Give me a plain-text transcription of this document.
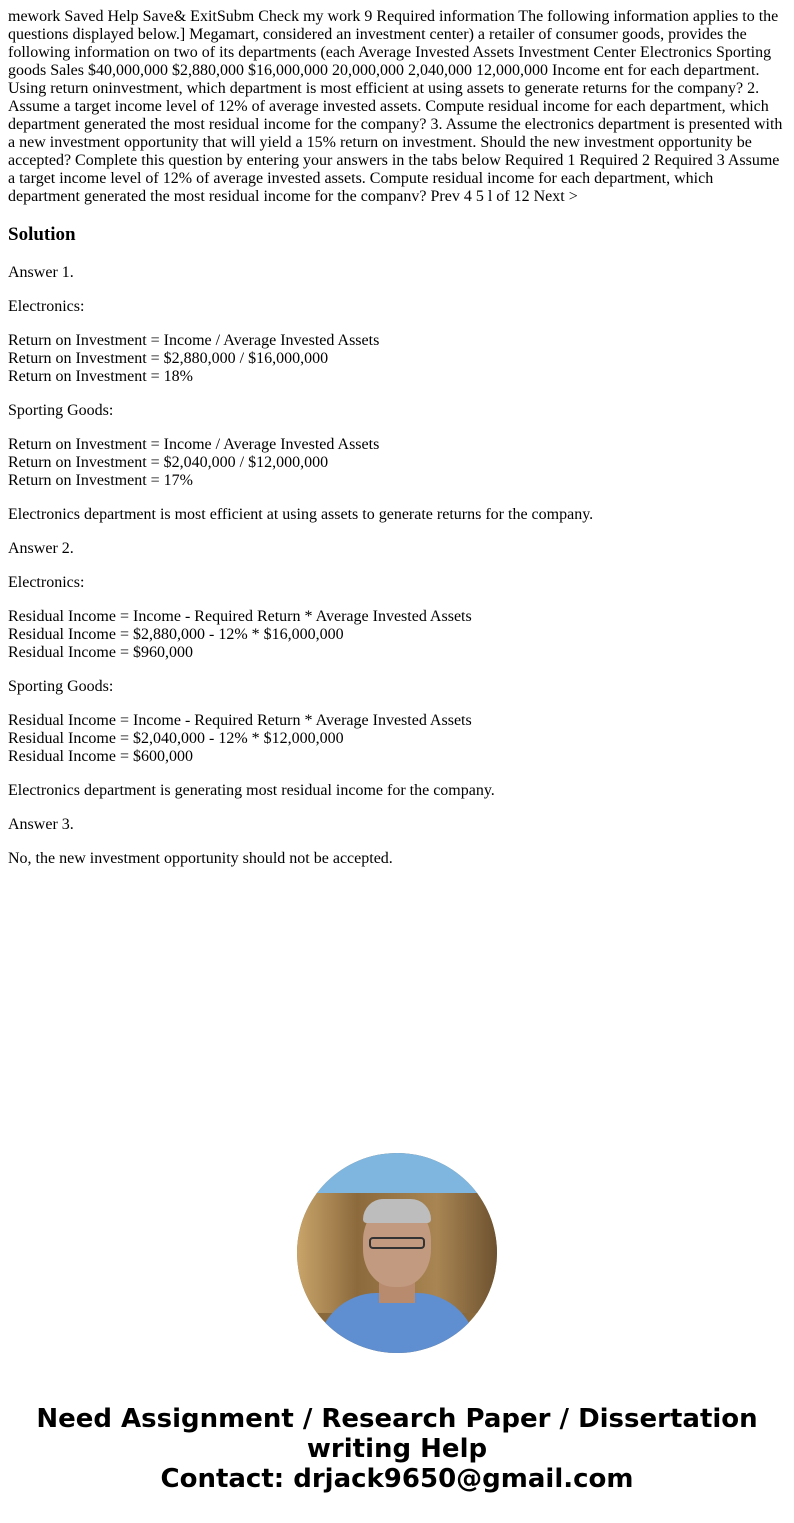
mework Saved Help Save& ExitSubm Check my work 9 Required information The following information applies to the questions displayed below.] Megamart, considered an investment center) a retailer of consumer goods, provides the following information on two of its departments (each Average Invested Assets Investment Center Electronics Sporting goods Sales $40,000,000 $2,880,000 $16,000,000 20,000,000 2,040,000 12,000,000 Income ent for each department. Using return oninvestment, which department is most efficient at using assets to generate returns for the company? 2. Assume a target income level of 12% of average invested assets. Compute residual income for each department, which department generated the most residual income for the company? 3. Assume the electronics department is presented with a new investment opportunity that will yield a 15% return on investment. Should the new investment opportunity be accepted? Complete this question by entering your answers in the tabs below Required 1 Required 2 Required 3 Assume a target income level of 12% of average invested assets. Compute residual income for each department, which department generated the most residual income for the companv? Prev 4 5 l of 12 Next >

Solution

Answer 1.

Electronics:

Return on Investment = Income / Average Invested Assets
Return on Investment = $2,880,000 / $16,000,000
Return on Investment = 18%

Sporting Goods:

Return on Investment = Income / Average Invested Assets
Return on Investment = $2,040,000 / $12,000,000
Return on Investment = 17%

Electronics department is most efficient at using assets to generate returns for the company.

Answer 2.

Electronics:

Residual Income = Income - Required Return * Average Invested Assets
Residual Income = $2,880,000 - 12% * $16,000,000
Residual Income = $960,000

Sporting Goods:

Residual Income = Income - Required Return * Average Invested Assets
Residual Income = $2,040,000 - 12% * $12,000,000
Residual Income = $600,000

Electronics department is generating most residual income for the company.

Answer 3.

No, the new investment opportunity should not be accepted.

Need Assignment / Research Paper / Dissertation writing Help
Contact: drjack9650@gmail.com
